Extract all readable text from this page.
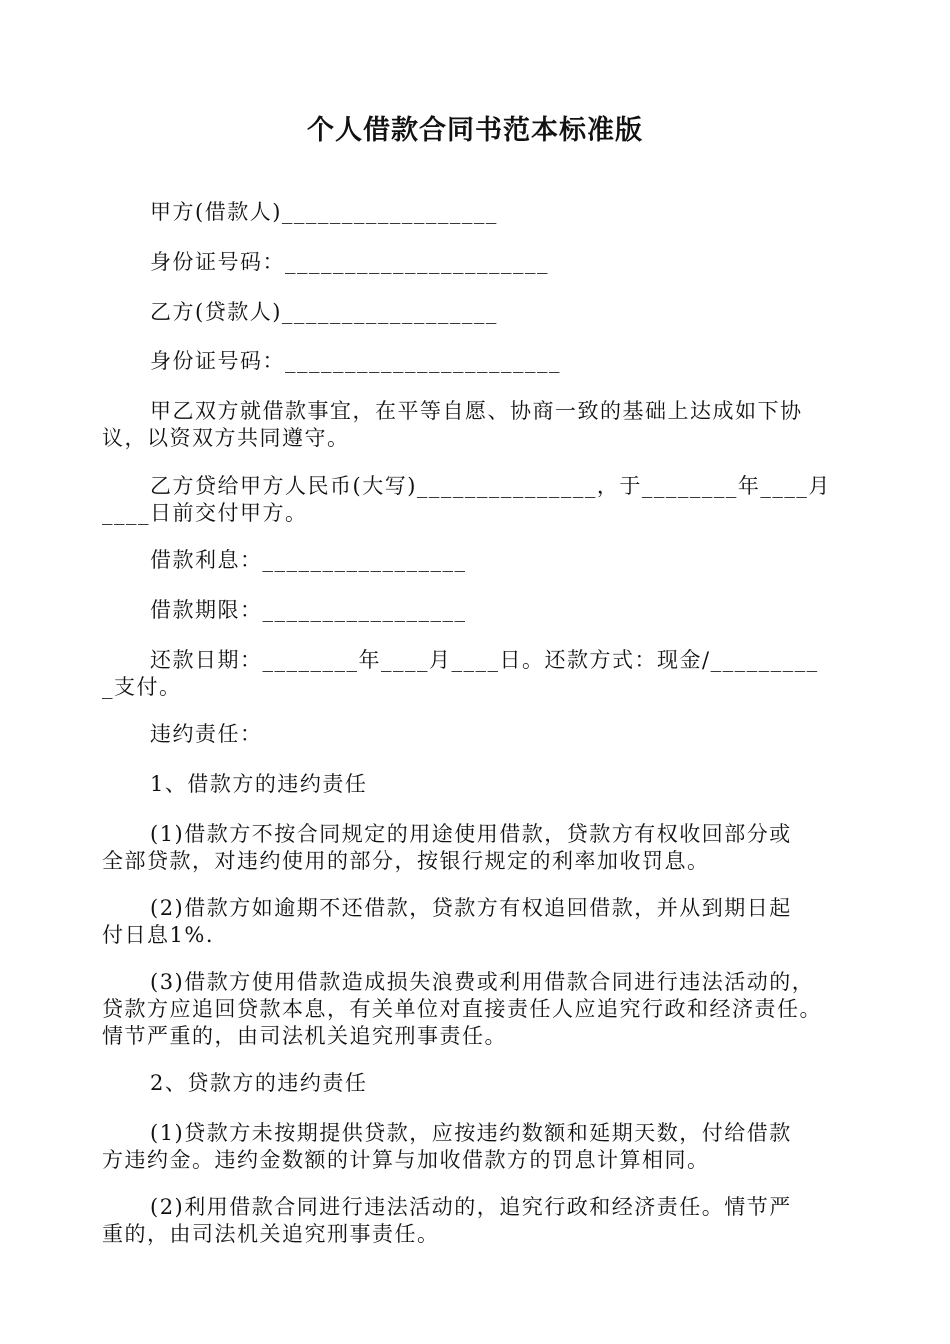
个人借款合同书范本标准版
甲方(借款人)__________________
身份证号码：______________________
乙方(贷款人)__________________
身份证号码：_______________________
甲乙双方就借款事宜，在平等自愿、协商一致的基础上达成如下协
议，以资双方共同遵守。
乙方贷给甲方人民币(大写)_______________，于________年____月
____日前交付甲方。
借款利息：_________________
借款期限：_________________
还款日期：________年____月____日。还款方式：现金/_________
_支付。
违约责任：
1、借款方的违约责任
(1)借款方不按合同规定的用途使用借款，贷款方有权收回部分或
全部贷款，对违约使用的部分，按银行规定的利率加收罚息。
(2)借款方如逾期不还借款，贷款方有权追回借款，并从到期日起
付日息1%.
(3)借款方使用借款造成损失浪费或利用借款合同进行违法活动的，
贷款方应追回贷款本息，有关单位对直接责任人应追究行政和经济责任。
情节严重的，由司法机关追究刑事责任。
2、贷款方的违约责任
(1)贷款方未按期提供贷款，应按违约数额和延期天数，付给借款
方违约金。违约金数额的计算与加收借款方的罚息计算相同。
(2)利用借款合同进行违法活动的，追究行政和经济责任。情节严
重的，由司法机关追究刑事责任。
